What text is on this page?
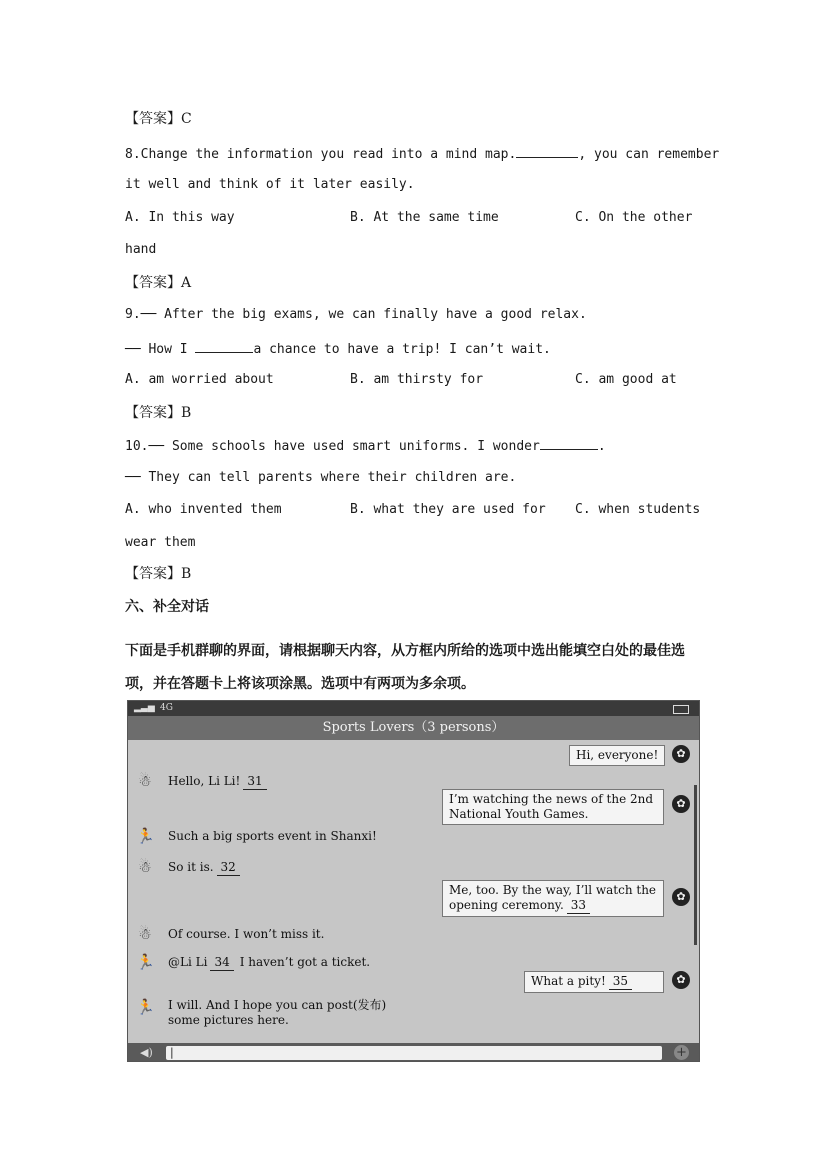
【答案】C
8.Change the information you read into a mind map.	, you can remember
it well and think of it later easily.
A. In this way	B. At the same time	C. On the other
hand
【答案】A
9.── After the big exams, we can finally have a good relax.
── How I	a chance to have a trip! I can’t wait.
A. am worried about	B. am thirsty for	C. am good at
【答案】B
10.── Some schools have used smart uniforms. I wonder	.
── They can tell parents where their children are.
A. who invented them	B. what they are used for C. when students
wear them
【答案】B
六、补全对话
下面是手机群聊的界面，请根据聊天内容，从方框内所给的选项中选出能填空白处的最佳选
项，并在答题卡上将该项涂黑。选项中有两项为多余项。
▂▃▅ 4G
Sports Lovers（3 persons）
Hi, everyone!	✿
☃ Hello, Li Li! 31
I’m watching the news of the 2nd
National Youth Games.
✿
🏃 Such a big sports event in Shanxi!
☃ So it is. 32
Me, too. By the way, I’ll watch the
opening ceremony. 33
✿
☃ Of course. I won’t miss it.
🏃 @Li Li 34 I haven’t got a ticket.
What a pity! 35	✿
🏃 I will. And I hope you can post(发布)
some pictures here.
◀)	|	+
